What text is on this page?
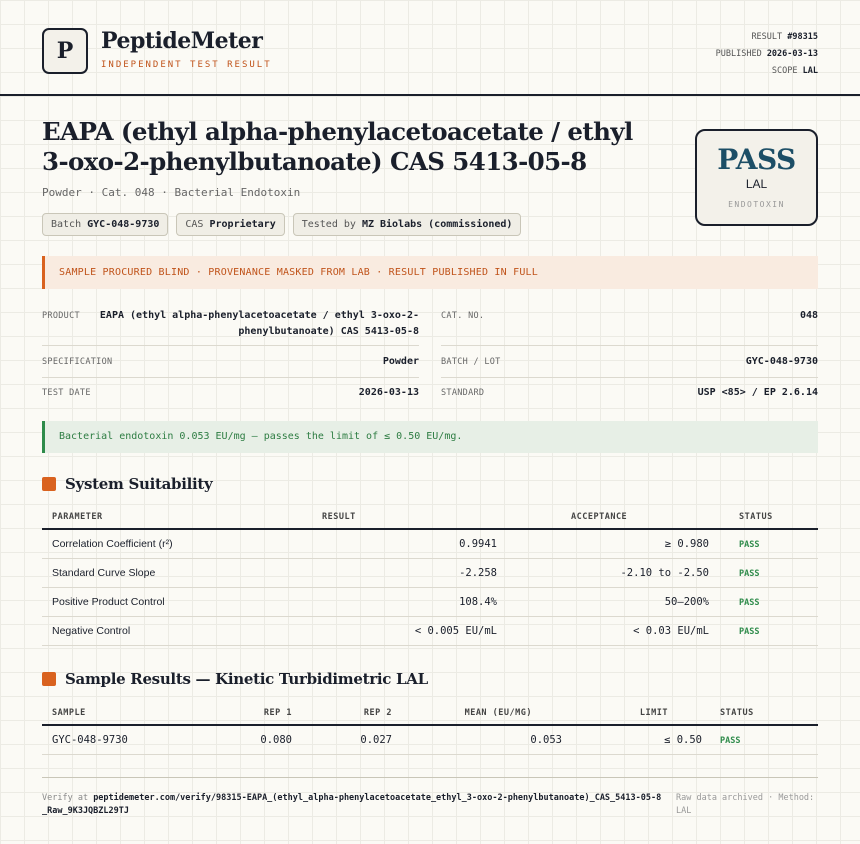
P	PeptideMeter
INDEPENDENT TEST RESULT
RESULT #98315
PUBLISHED 2026-03-13
SCOPE LAL
EAPA (ethyl alpha-phenylacetoacetate / ethyl 3-oxo-2-phenylbutanoate) CAS 5413-05-8
Powder · Cat. 048 · Bacterial Endotoxin
Batch GYC-048-9730	CAS Proprietary	Tested by MZ Biolabs (commissioned)
PASS
LAL
ENDOTOXIN
SAMPLE PROCURED BLIND · PROVENANCE MASKED FROM LAB · RESULT PUBLISHED IN FULL
PRODUCT EAPA (ethyl alpha-phenylacetoacetate / ethyl 3-oxo-2-phenylbutanoate) CAS 5413-05-8
CAT. NO.	048
SPECIFICATION	Powder	BATCH / LOT	GYC-048-9730
TEST DATE	2026-03-13	STANDARD	USP <85> / EP 2.6.14
Bacterial endotoxin 0.053 EU/mg — passes the limit of ≤ 0.50 EU/mg.
System Suitability
PARAMETER	RESULT	ACCEPTANCE	STATUS
Correlation Coefficient (r²)	0.9941	≥ 0.980	PASS
Standard Curve Slope	-2.258	-2.10 to -2.50	PASS
Positive Product Control	108.4%	50–200%	PASS
Negative Control	< 0.005 EU/mL	< 0.03 EU/mL	PASS
Sample Results — Kinetic Turbidimetric LAL
SAMPLE	REP 1	REP 2	MEAN (EU/MG)	LIMIT	STATUS
GYC-048-9730	0.080	0.027	0.053	≤ 0.50	PASS
Verify at peptidemeter.com/verify/98315-EAPA_(ethyl_alpha-phenylacetoacetate_ethyl_3-oxo-2-phenylbutanoate)_CAS_5413-05-8_Raw_9K3JQBZL29TJ
Raw data archived · Method: LAL
